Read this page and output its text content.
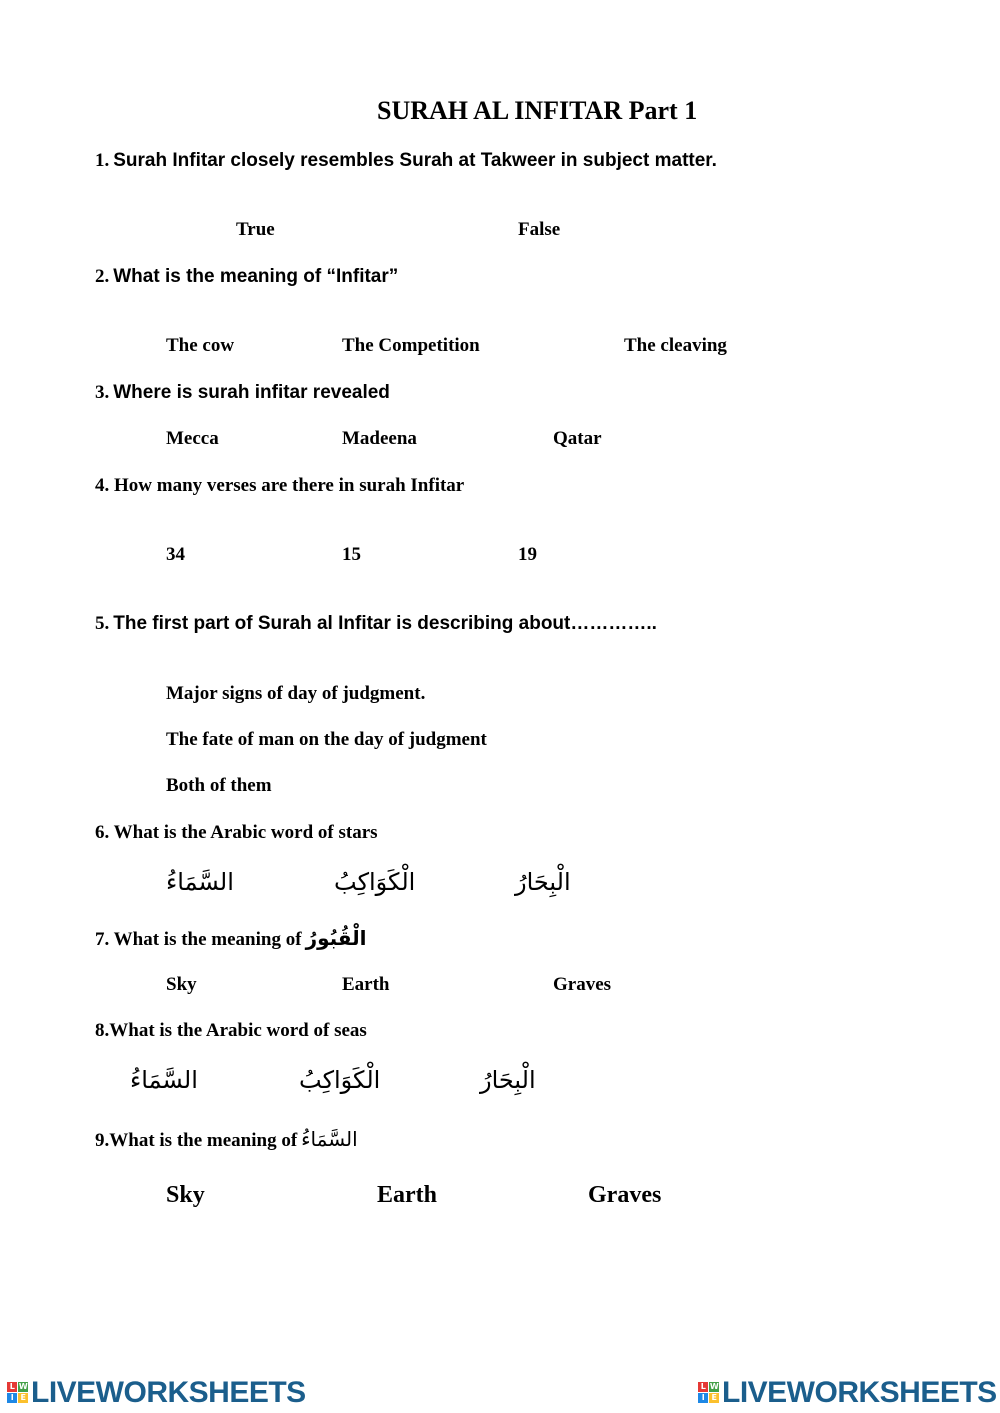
SURAH AL INFITAR Part 1
1. Surah Infitar closely resembles Surah at Takweer in subject matter.
True	False
2. What is the meaning of “Infitar”
The cow	The Competition	The cleaving
3. Where is surah infitar revealed
Mecca	Madeena	Qatar
4. How many verses are there in surah Infitar
34	15	19
5. The first part of Surah al Infitar is describing about…………..
Major signs of day of judgment.
The fate of man on the day of judgment
Both of them
6. What is the Arabic word of stars
السَّمَاءُ	الْكَوَاكِبُ	الْبِحَارُ
7. What is the meaning of الْقُبُورُ
Sky	Earth	Graves
8.What is the Arabic word of seas
السَّمَاءُ	الْكَوَاكِبُ	الْبِحَارُ
9.What is the meaning of السَّمَاءُ
Sky	Earth	Graves
L W
I E LIVEWORKSHEETS	L W
I E LIVEWORKSHEETS
